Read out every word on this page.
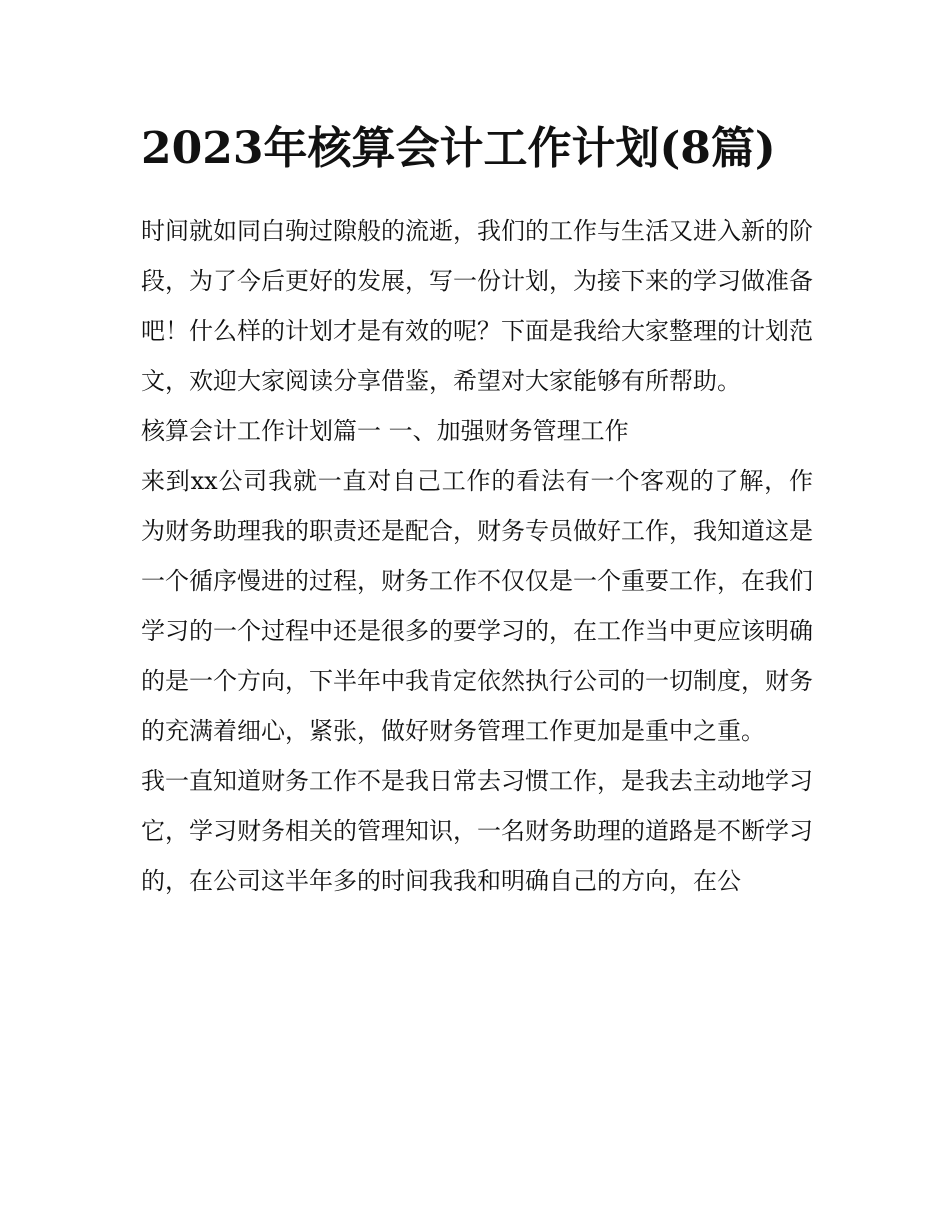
2023年核算会计工作计划(8篇)

时间就如同白驹过隙般的流逝，我们的工作与生活又进入新的阶段，为了今后更好的发展，写一份计划，为接下来的学习做准备吧！什么样的计划才是有效的呢？下面是我给大家整理的计划范文，欢迎大家阅读分享借鉴，希望对大家能够有所帮助。

核算会计工作计划篇一 一、加强财务管理工作

来到xx公司我就一直对自己工作的看法有一个客观的了解，作为财务助理我的职责还是配合，财务专员做好工作，我知道这是一个循序慢进的过程，财务工作不仅仅是一个重要工作，在我们学习的一个过程中还是很多的要学习的，在工作当中更应该明确的是一个方向，下半年中我肯定依然执行公司的一切制度，财务的充满着细心，紧张，做好财务管理工作更加是重中之重。

我一直知道财务工作不是我日常去习惯工作，是我去主动地学习它，学习财务相关的管理知识，一名财务助理的道路是不断学习的，在公司这半年多的时间我我和明确自己的方向，在公
